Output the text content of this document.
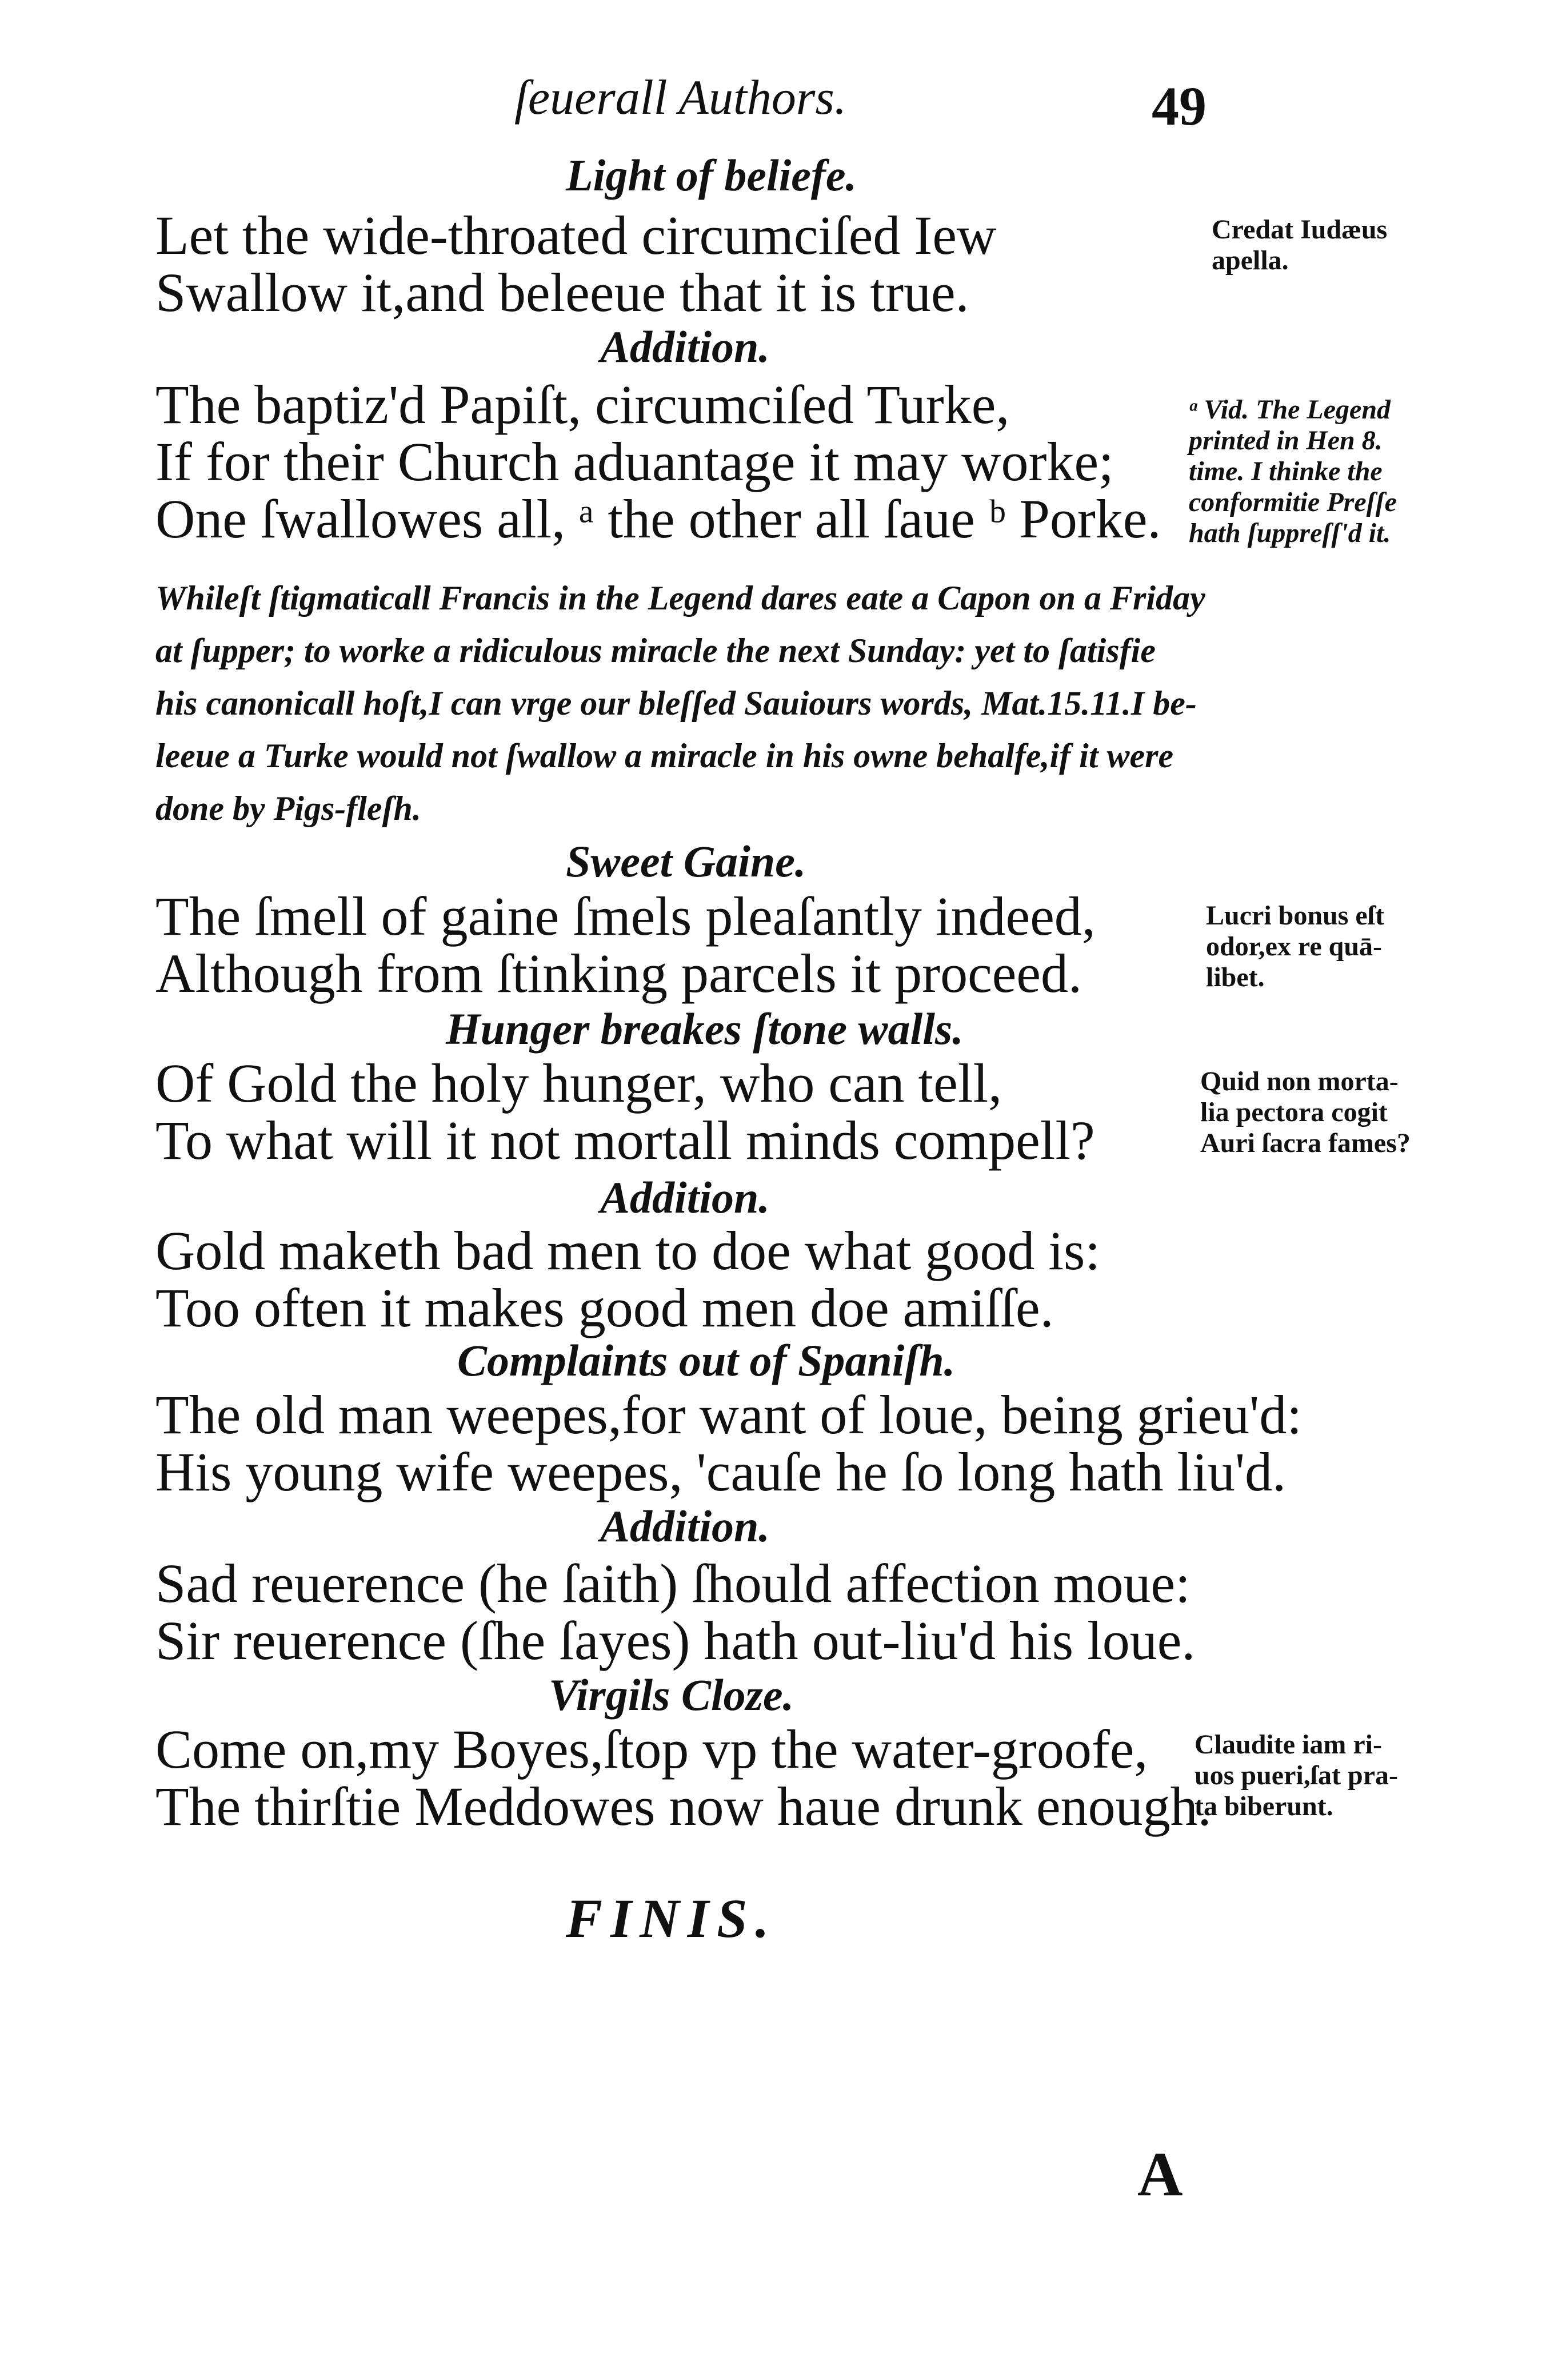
ſeuerall Authors.	49
Light of beliefe.
Let the wide-throated circumciſed Iew
Swallow it,and beleeue that it is true.
Addition.
The baptiz'd Papiſt, circumciſed Turke,
If for their Church aduantage it may worke;
One ſwallowes all, ᵃ the other all ſaue ᵇ Porke.
Whileſt ſtigmaticall Francis in the Legend dares eate a Capon on a Friday
at ſupper; to worke a ridiculous miracle the next Sunday: yet to ſatisfie
his canonicall hoſt,I can vrge our bleſſed Sauiours words, Mat.15.11.I be-
leeue a Turke would not ſwallow a miracle in his owne behalfe,if it were
done by Pigs-fleſh.
Sweet Gaine.
The ſmell of gaine ſmels pleaſantly indeed,
Although from ſtinking parcels it proceed.
Hunger breakes ſtone walls.
Of Gold the holy hunger, who can tell,
To what will it not mortall minds compell?
Addition.
Gold maketh bad men to doe what good is:
Too often it makes good men doe amiſſe.
Complaints out of Spaniſh.
The old man weepes,for want of loue, being grieu'd:
His young wife weepes, 'cauſe he ſo long hath liu'd.
Addition.
Sad reuerence (he ſaith) ſhould affection moue:
Sir reuerence (ſhe ſayes) hath out-liu'd his loue.
Virgils Cloze.
Come on,my Boyes,ſtop vp the water-groofe,
The thirſtie Meddowes now haue drunk enough.
Credat Iudæus
apella.
ᵃ Vid. The Legend
printed in Hen 8.
time. I thinke the
conformitie Preſſe
hath ſuppreſſ'd it.
Lucri bonus eſt
odor,ex re quā-
libet.
Quid non morta-
lia pectora cogit
Auri ſacra fames?
Claudite iam ri-
uos pueri,ſat pra-
ta biberunt.
FINIS.
A
